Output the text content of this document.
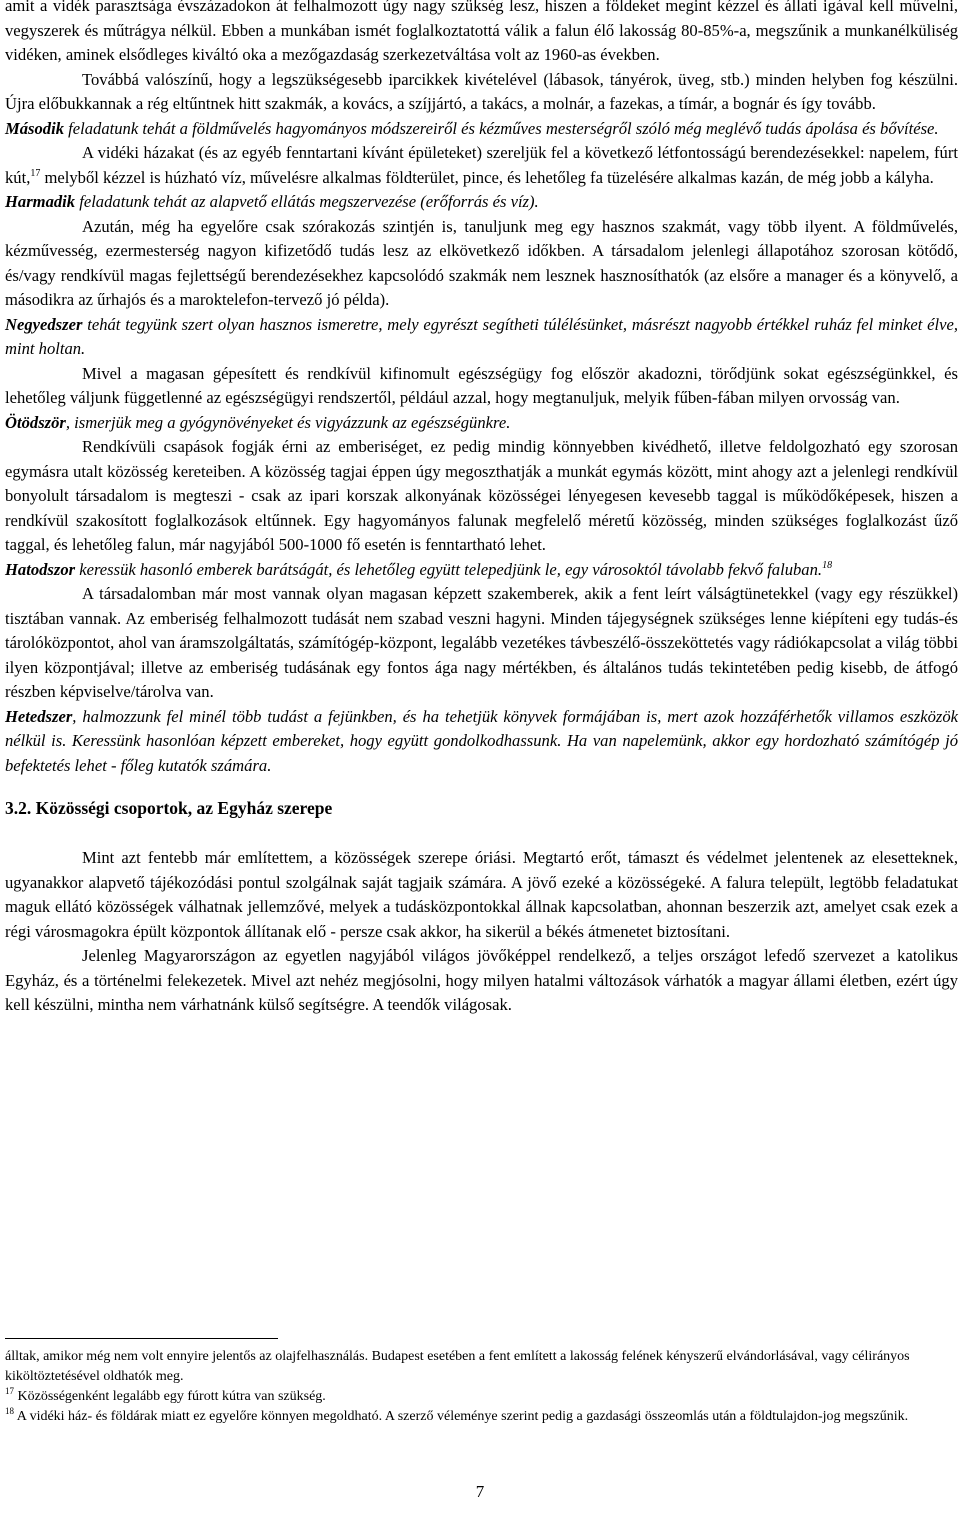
amit a vidék parasztsága évszázadokon át felhalmozott úgy nagy szükség lesz, hiszen a földeket megint kézzel és állati igával kell művelni, vegyszerek és műtrágya nélkül. Ebben a munkában ismét foglalkoztatottá válik a falun élő lakosság 80-85%-a, megszűnik a munkanélküliség vidéken, aminek elsődleges kiváltó oka a mezőgazdaság szerkezetváltása volt az 1960-as években.

Továbbá valószínű, hogy a legszükségesebb iparcikkek kivételével (lábasok, tányérok, üveg, stb.) minden helyben fog készülni. Újra előbukkannak a rég eltűntnek hitt szakmák, a kovács, a szíjjártó, a takács, a molnár, a fazekas, a tímár, a bognár és így tovább.

Második feladatunk tehát a földművelés hagyományos módszereiről és kézműves mesterségről szóló még meglévő tudás ápolása és bővítése.

A vidéki házakat (és az egyéb fenntartani kívánt épületeket) szereljük fel a következő létfontosságú berendezésekkel: napelem, fúrt kút,$^{17}$ melyből kézzel is húzható víz, művelésre alkalmas földterület, pince, és lehetőleg fa tüzelésére alkalmas kazán, de még jobb a kályha.

Harmadik feladatunk tehát az alapvető ellátás megszervezése (erőforrás és víz).

Azután, még ha egyelőre csak szórakozás szintjén is, tanuljunk meg egy hasznos szakmát, vagy több ilyent. A földművelés, kézművesség, ezermesterség nagyon kifizetődő tudás lesz az elkövetkező időkben. A társadalom jelenlegi állapotához szorosan kötődő, és/vagy rendkívül magas fejlettségű berendezésekhez kapcsolódó szakmák nem lesznek hasznosíthatók (az elsőre a manager és a könyvelő, a másodikra az űrhajós és a maroktelefon-tervező jó példa).

Negyedszer tehát tegyünk szert olyan hasznos ismeretre, mely egyrészt segítheti túlélésünket, másrészt nagyobb értékkel ruház fel minket élve, mint holtan.

Mivel a magasan gépesített és rendkívül kifinomult egészségügy fog először akadozni, törődjünk sokat egészségünkkel, és lehetőleg váljunk függetlenné az egészségügyi rendszertől, például azzal, hogy megtanuljuk, melyik fűben-fában milyen orvosság van.

Ötödször, ismerjük meg a gyógynövényeket és vigyázzunk az egészségünkre.

Rendkívüli csapások fogják érni az emberiséget, ez pedig mindig könnyebben kivédhető, illetve feldolgozható egy szorosan egymásra utalt közösség kereteiben. A közösség tagjai éppen úgy megoszthatják a munkát egymás között, mint ahogy azt a jelenlegi rendkívül bonyolult társadalom is megteszi - csak az ipari korszak alkonyának közösségei lényegesen kevesebb taggal is működőképesek, hiszen a rendkívül szakosított foglalkozások eltűnnek. Egy hagyományos falunak megfelelő méretű közösség, minden szükséges foglalkozást űző taggal, és lehetőleg falun, már nagyjából 500-1000 fő esetén is fenntartható lehet.

Hatodszor keressük hasonló emberek barátságát, és lehetőleg együtt telepedjünk le, egy városoktól távolabb fekvő faluban.$^{18}$

A társadalomban már most vannak olyan magasan képzett szakemberek, akik a fent leírt válságtünetekkel (vagy egy részükkel) tisztában vannak. Az emberiség felhalmozott tudását nem szabad veszni hagyni. Minden tájegységnek szükséges lenne kiépíteni egy tudás-és tárolóközpontot, ahol van áramszolgáltatás, számítógép-központ, legalább vezetékes távbeszélő-összeköttetés vagy rádiókapcsolat a világ többi ilyen központjával; illetve az emberiség tudásának egy fontos ága nagy mértékben, és általános tudás tekintetében pedig kisebb, de átfogó részben képviselve/tárolva van.

Hetedszer, halmozzunk fel minél több tudást a fejünkben, és ha tehetjük könyvek formájában is, mert azok hozzáférhetők villamos eszközök nélkül is. Keressünk hasonlóan képzett embereket, hogy együtt gondolkodhassunk. Ha van napelemünk, akkor egy hordozható számítógép jó befektetés lehet - főleg kutatók számára.

3.2. Közösségi csoportok, az Egyház szerepe

Mint azt fentebb már említettem, a közösségek szerepe óriási. Megtartó erőt, támaszt és védelmet jelentenek az elesetteknek, ugyanakkor alapvető tájékozódási pontul szolgálnak saját tagjaik számára. A jövő ezeké a közösségeké. A falura települt, legtöbb feladatukat maguk ellátó közösségek válhatnak jellemzővé, melyek a tudásközpontokkal állnak kapcsolatban, ahonnan beszerzik azt, amelyet csak ezek a régi városmagokra épült központok állítanak elő - persze csak akkor, ha sikerül a békés átmenetet biztosítani.

Jelenleg Magyarországon az egyetlen nagyjából világos jövőképpel rendelkező, a teljes országot lefedő szervezet a katolikus Egyház, és a történelmi felekezetek. Mivel azt nehéz megjósolni, hogy milyen hatalmi változások várhatók a magyar állami életben, ezért úgy kell készülni, mintha nem várhatnánk külső segítségre. A teendők világosak.

álltak, amikor még nem volt ennyire jelentős az olajfelhasználás. Budapest esetében a fent említett a lakosság felének kényszerű elvándorlásával, vagy célirányos kiköltöztetésével oldhatók meg.

$^{17}$ Közösségenként legalább egy fúrott kútra van szükség.

$^{18}$ A vidéki ház- és földárak miatt ez egyelőre könnyen megoldható. A szerző véleménye szerint pedig a gazdasági összeomlás után a földtulajdon-jog megszűnik.

7
